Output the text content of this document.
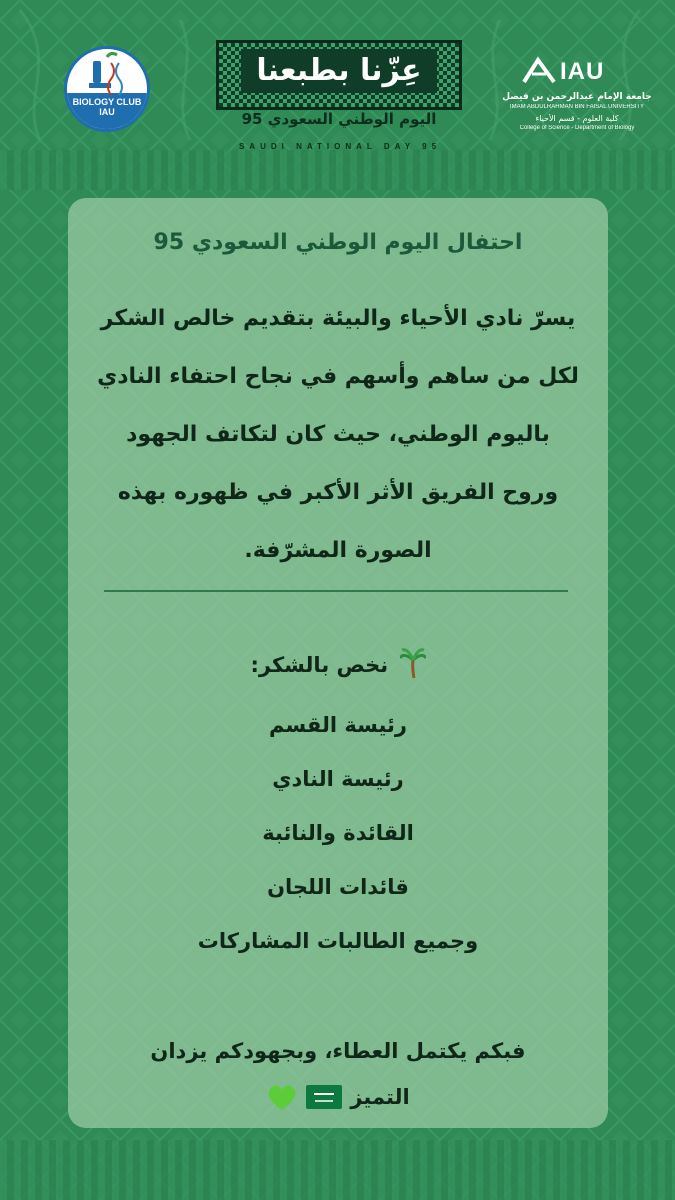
BIOLOGY CLUB
IAU
عِزّنا بطبعنا
اليوم الوطني السعودي 95
SAUDI NATIONAL DAY 95
IAU
جامعة الإمام عبدالرحمن بن فيصل
IMAM ABDULRAHMAN BIN FAISAL UNIVERSITY
كلية العلوم - قسم الأحياء
College of Science - Department of Biology
احتفال اليوم الوطني السعودي 95

يسرّ نادي الأحياء والبيئة بتقديم خالص الشكر

لكل من ساهم وأسهم في نجاح احتفاء النادي

باليوم الوطني، حيث كان لتكاتف الجهود

وروح الفريق الأثر الأكبر في ظهوره بهذه

الصورة المشرّفة.

نخص بالشكر:
رئيسة القسم
رئيسة النادي
القائدة والنائبة
قائدات اللجان
وجميع الطالبات المشاركات
فبكم يكتمل العطاء، وبجهودكم يزدان
التميز
